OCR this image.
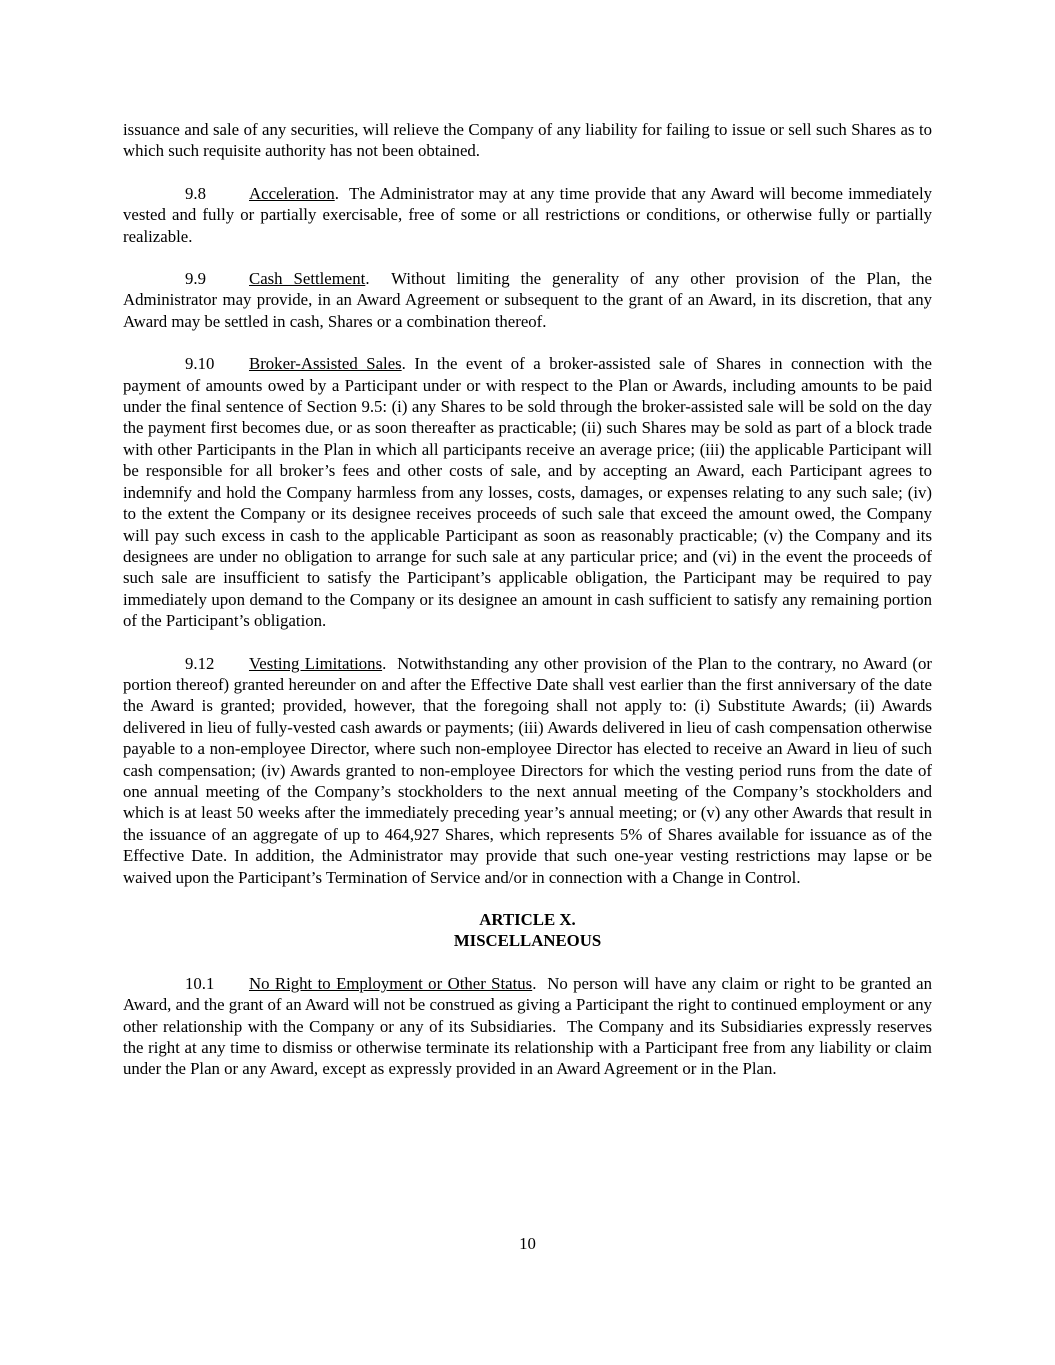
issuance and sale of any securities, will relieve the Company of any liability for failing to issue or sell such Shares as to which such requisite authority has not been obtained.

9.8	Acceleration.  The Administrator may at any time provide that any Award will become immediately vested and fully or partially exercisable, free of some or all restrictions or conditions, or otherwise fully or partially realizable.

9.9	Cash Settlement.  Without limiting the generality of any other provision of the Plan, the Administrator may provide, in an Award Agreement or subsequent to the grant of an Award, in its discretion, that any Award may be settled in cash, Shares or a combination thereof.

9.10 Broker-Assisted Sales. In the event of a broker-assisted sale of Shares in connection with the payment of amounts owed by a Participant under or with respect to the Plan or Awards, including amounts to be paid under the final sentence of Section 9.5: (i) any Shares to be sold through the broker-assisted sale will be sold on the day the payment first becomes due, or as soon thereafter as practicable; (ii) such Shares may be sold as part of a block trade with other Participants in the Plan in which all participants receive an average price; (iii) the applicable Participant will be responsible for all broker’s fees and other costs of sale, and by accepting an Award, each Participant agrees to indemnify and hold the Company harmless from any losses, costs, damages, or expenses relating to any such sale; (iv) to the extent the Company or its designee receives proceeds of such sale that exceed the amount owed, the Company will pay such excess in cash to the applicable Participant as soon as reasonably practicable; (v) the Company and its designees are under no obligation to arrange for such sale at any particular price; and (vi) in the event the proceeds of such sale are insufficient to satisfy the Participant’s applicable obligation, the Participant may be required to pay immediately upon demand to the Company or its designee an amount in cash sufficient to satisfy any remaining portion of the Participant’s obligation.

9.12 Vesting Limitations.  Notwithstanding any other provision of the Plan to the contrary, no Award (or portion thereof) granted hereunder on and after the Effective Date shall vest earlier than the first anniversary of the date the Award is granted; provided, however, that the foregoing shall not apply to: (i) Substitute Awards; (ii) Awards delivered in lieu of fully-vested cash awards or payments; (iii) Awards delivered in lieu of cash compensation otherwise payable to a non-employee Director, where such non-employee Director has elected to receive an Award in lieu of such cash compensation; (iv) Awards granted to non-employee Directors for which the vesting period runs from the date of one annual meeting of the Company’s stockholders to the next annual meeting of the Company’s stockholders and which is at least 50 weeks after the immediately preceding year’s annual meeting; or (v) any other Awards that result in the issuance of an aggregate of up to 464,927 Shares, which represents 5% of Shares available for issuance as of the Effective Date. In addition, the Administrator may provide that such one-year vesting restrictions may lapse or be waived upon the Participant’s Termination of Service and/or in connection with a Change in Control.

ARTICLE X.
MISCELLANEOUS

10.1 No Right to Employment or Other Status.  No person will have any claim or right to be granted an Award, and the grant of an Award will not be construed as giving a Participant the right to continued employment or any other relationship with the Company or any of its Subsidiaries.  The Company and its Subsidiaries expressly reserves the right at any time to dismiss or otherwise terminate its relationship with a Participant free from any liability or claim under the Plan or any Award, except as expressly provided in an Award Agreement or in the Plan.

10
